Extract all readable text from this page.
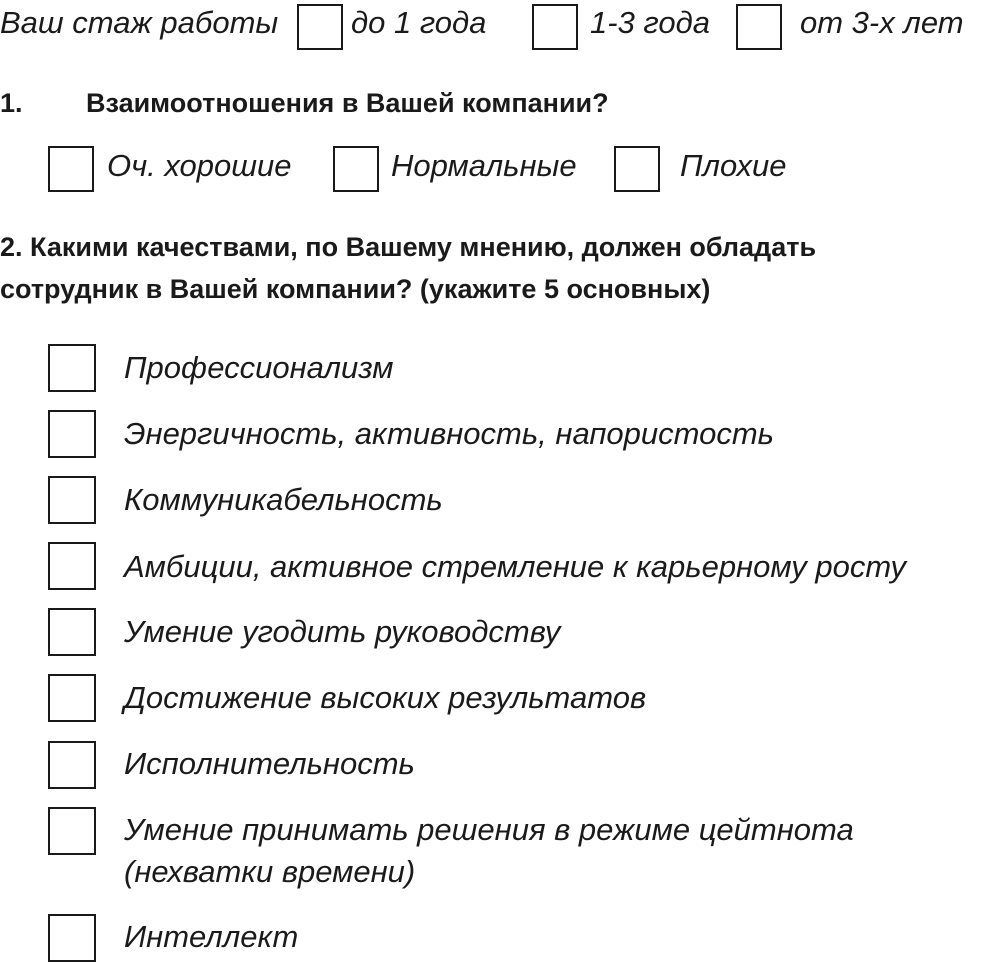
Ваш стаж работы до 1 года	1-3 года	от 3-х лет
1. Взаимоотношения в Вашей компании?
Оч. хорошие	Нормальные	Плохие
2. Какими качествами, по Вашему мнению, должен обладать
сотрудник в Вашей компании? (укажите 5 основных)
Профессионализм
Энергичность, активность, напористость
Коммуникабельность
Амбиции, активное стремление к карьерному росту
Умение угодить руководству
Достижение высоких результатов
Исполнительность
Умение принимать решения в режиме цейтнота
(нехватки времени)
Интеллект
